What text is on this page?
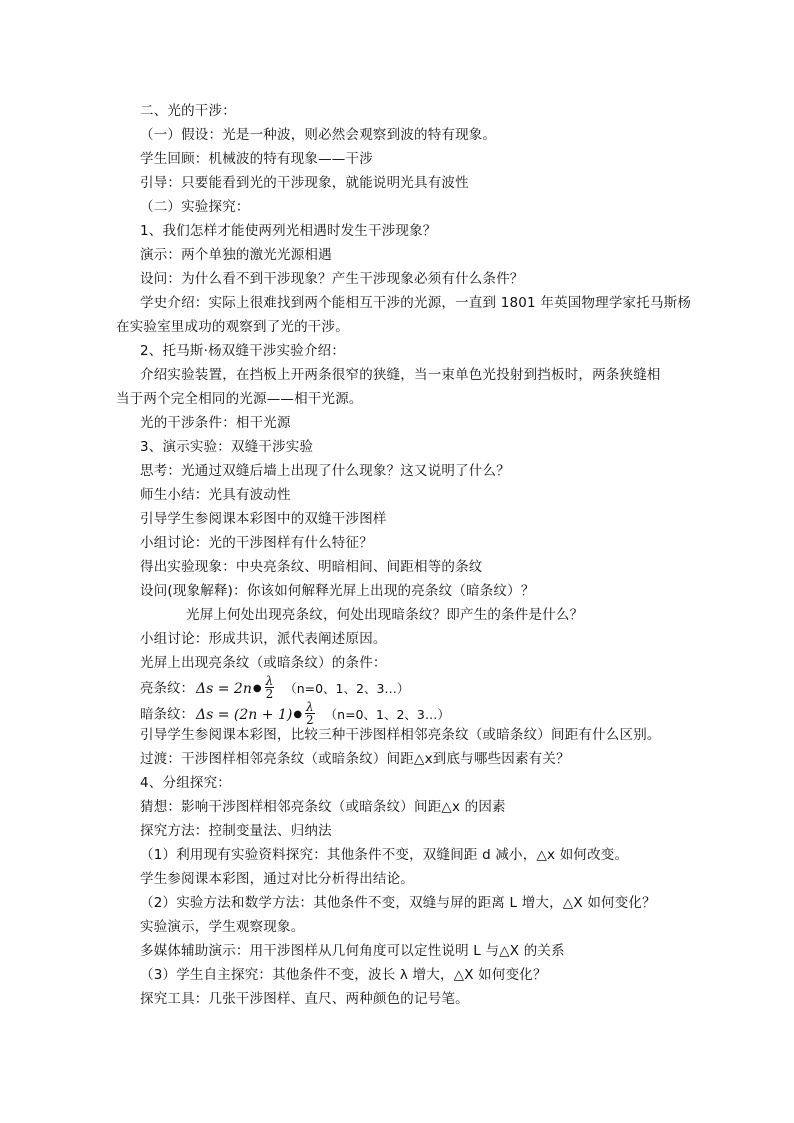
二、光的干涉：
（一）假设：光是一种波，则必然会观察到波的特有现象。
学生回顾：机械波的特有现象——干涉
引导：只要能看到光的干涉现象，就能说明光具有波性
（二）实验探究：
1、我们怎样才能使两列光相遇时发生干涉现象？
演示：两个单独的激光光源相遇
设问：为什么看不到干涉现象？产生干涉现象必须有什么条件？
学史介绍：实际上很难找到两个能相互干涉的光源，一直到 1801 年英国物理学家托马斯杨
在实验室里成功的观察到了光的干涉。
2、托马斯·杨双缝干涉实验介绍：
介绍实验装置，在挡板上开两条很窄的狭缝，当一束单色光投射到挡板时，两条狭缝相
当于两个完全相同的光源——相干光源。
光的干涉条件：相干光源
3、演示实验：双缝干涉实验
思考：光通过双缝后墙上出现了什么现象？这又说明了什么？
师生小结：光具有波动性
引导学生参阅课本彩图中的双缝干涉图样
小组讨论：光的干涉图样有什么特征？
得出实验现象：中央亮条纹、明暗相间、间距相等的条纹
设问(现象解释)：你该如何解释光屏上出现的亮条纹（暗条纹）？
光屏上何处出现亮条纹，何处出现暗条纹？即产生的条件是什么？
小组讨论：形成共识，派代表阐述原因。
光屏上出现亮条纹（或暗条纹）的条件：
亮条纹： Δs = 2n● $\frac{\lambda}{2} (n=0$、1、2、3…）
暗条纹： Δs = (2n + 1)● $\frac{\lambda}{2} (n=0$、1、2、3…）
引导学生参阅课本彩图，比较三种干涉图样相邻亮条纹（或暗条纹）间距有什么区别。
过渡：干涉图样相邻亮条纹（或暗条纹）间距△x到底与哪些因素有关？
4、分组探究：
猜想：影响干涉图样相邻亮条纹（或暗条纹）间距△x 的因素
探究方法：控制变量法、归纳法
（1）利用现有实验资料探究：其他条件不变，双缝间距 d 减小，△x 如何改变。
学生参阅课本彩图，通过对比分析得出结论。
（2）实验方法和数学方法：其他条件不变，双缝与屏的距离 L 增大，△X 如何变化？
实验演示，学生观察现象。
多媒体辅助演示：用干涉图样从几何角度可以定性说明 L 与△X 的关系
（3）学生自主探究：其他条件不变，波长 λ 增大，△X 如何变化？
探究工具：几张干涉图样、直尺、两种颜色的记号笔。
